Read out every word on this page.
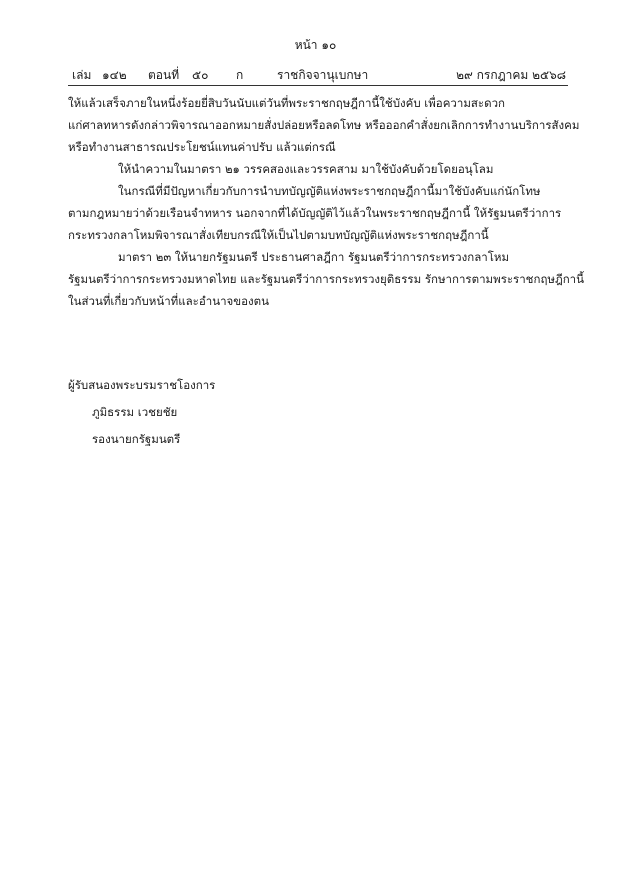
หน้า ๑๐
เล่ม ๑๔๒ ตอนที่ ๕๐ ก	ราชกิจจานุเบกษา	๒๙ กรกฎาคม ๒๕๖๘
ให้แล้วเสร็จภายในหนึ่งร้อยยี่สิบวันนับแต่วันที่พระราชกฤษฎีกานี้ใช้บังคับ เพื่อความสะดวก
แก่ศาลทหารดังกล่าวพิจารณาออกหมายสั่งปล่อยหรือลดโทษ หรือออกคำสั่งยกเลิกการทำงานบริการสังคม
หรือทำงานสาธารณประโยชน์แทนค่าปรับ แล้วแต่กรณี
ให้นำความในมาตรา ๒๑ วรรคสองและวรรคสาม มาใช้บังคับด้วยโดยอนุโลม
ในกรณีที่มีปัญหาเกี่ยวกับการนำบทบัญญัติแห่งพระราชกฤษฎีกานี้มาใช้บังคับแก่นักโทษ
ตามกฎหมายว่าด้วยเรือนจำทหาร นอกจากที่ได้บัญญัติไว้แล้วในพระราชกฤษฎีกานี้ ให้รัฐมนตรีว่าการ
กระทรวงกลาโหมพิจารณาสั่งเทียบกรณีให้เป็นไปตามบทบัญญัติแห่งพระราชกฤษฎีกานี้
มาตรา ๒๓ ให้นายกรัฐมนตรี ประธานศาลฎีกา รัฐมนตรีว่าการกระทรวงกลาโหม
รัฐมนตรีว่าการกระทรวงมหาดไทย และรัฐมนตรีว่าการกระทรวงยุติธรรม รักษาการตามพระราชกฤษฎีกานี้
ในส่วนที่เกี่ยวกับหน้าที่และอำนาจของตน
ผู้รับสนองพระบรมราชโองการ
ภูมิธรรม เวชยชัย
รองนายกรัฐมนตรี
